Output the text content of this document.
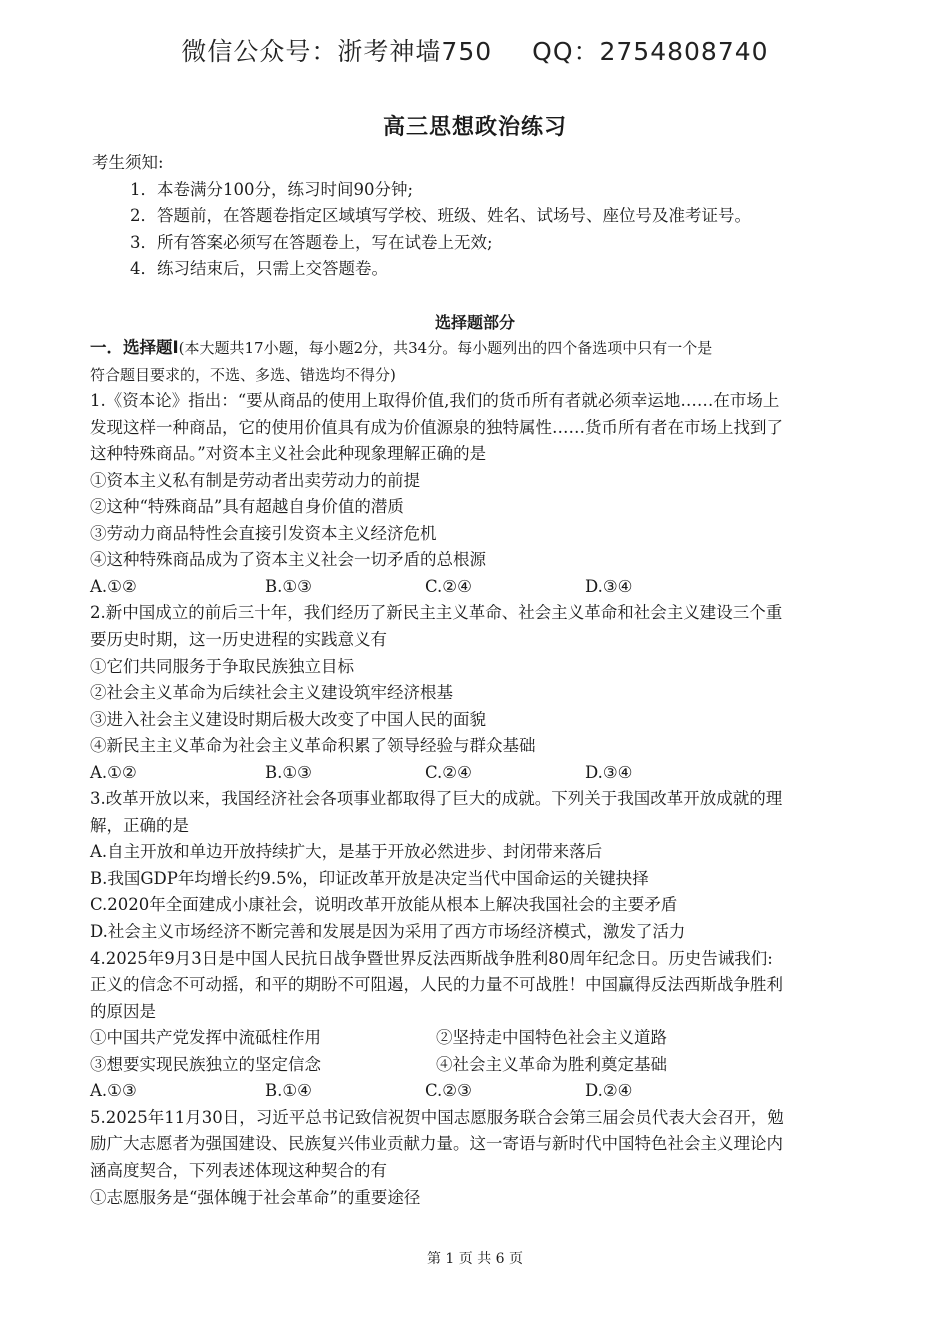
微信公众号：浙考神墙750 QQ：2754808740
高三思想政治练习
考生须知:
1．本卷满分100分，练习时间90分钟;
2．答题前，在答题卷指定区域填写学校、班级、姓名、试场号、座位号及准考证号。
3．所有答案必须写在答题卷上，写在试卷上无效;
4．练习结束后，只需上交答题卷。
选择题部分
一．选择题Ⅰ(本大题共17小题，每小题2分，共34分。每小题列出的四个备选项中只有一个是
符合题目要求的，不选、多选、错选均不得分)
1.《资本论》指出：“要从商品的使用上取得价值,我们的货币所有者就必须幸运地……在市场上
发现这样一种商品，它的使用价值具有成为价值源泉的独特属性……货币所有者在市场上找到了
这种特殊商品。”对资本主义社会此种现象理解正确的是
①资本主义私有制是劳动者出卖劳动力的前提
②这种“特殊商品”具有超越自身价值的潜质
③劳动力商品特性会直接引发资本主义经济危机
④这种特殊商品成为了资本主义社会一切矛盾的总根源
A.①②	B.①③	C.②④	D.③④
2.新中国成立的前后三十年，我们经历了新民主主义革命、社会主义革命和社会主义建设三个重
要历史时期，这一历史进程的实践意义有
①它们共同服务于争取民族独立目标
②社会主义革命为后续社会主义建设筑牢经济根基
③进入社会主义建设时期后极大改变了中国人民的面貌
④新民主主义革命为社会主义革命积累了领导经验与群众基础
A.①②	B.①③	C.②④	D.③④
3.改革开放以来，我国经济社会各项事业都取得了巨大的成就。下列关于我国改革开放成就的理
解，正确的是
A.自主开放和单边开放持续扩大，是基于开放必然进步、封闭带来落后
B.我国GDP年均增长约9.5%，印证改革开放是决定当代中国命运的关键抉择
C.2020年全面建成小康社会，说明改革开放能从根本上解决我国社会的主要矛盾
D.社会主义市场经济不断完善和发展是因为采用了西方市场经济模式，激发了活力
4.2025年9月3日是中国人民抗日战争暨世界反法西斯战争胜利80周年纪念日。历史告诫我们:
正义的信念不可动摇，和平的期盼不可阻遏，人民的力量不可战胜！中国赢得反法西斯战争胜利
的原因是
①中国共产党发挥中流砥柱作用	②坚持走中国特色社会主义道路
③想要实现民族独立的坚定信念	④社会主义革命为胜利奠定基础
A.①③	B.①④	C.②③	D.②④
5.2025年11月30日，习近平总书记致信祝贺中国志愿服务联合会第三届会员代表大会召开，勉
励广大志愿者为强国建设、民族复兴伟业贡献力量。这一寄语与新时代中国特色社会主义理论内
涵高度契合，下列表述体现这种契合的有
①志愿服务是“强体魄于社会革命”的重要途径
第 1 页 共 6 页
